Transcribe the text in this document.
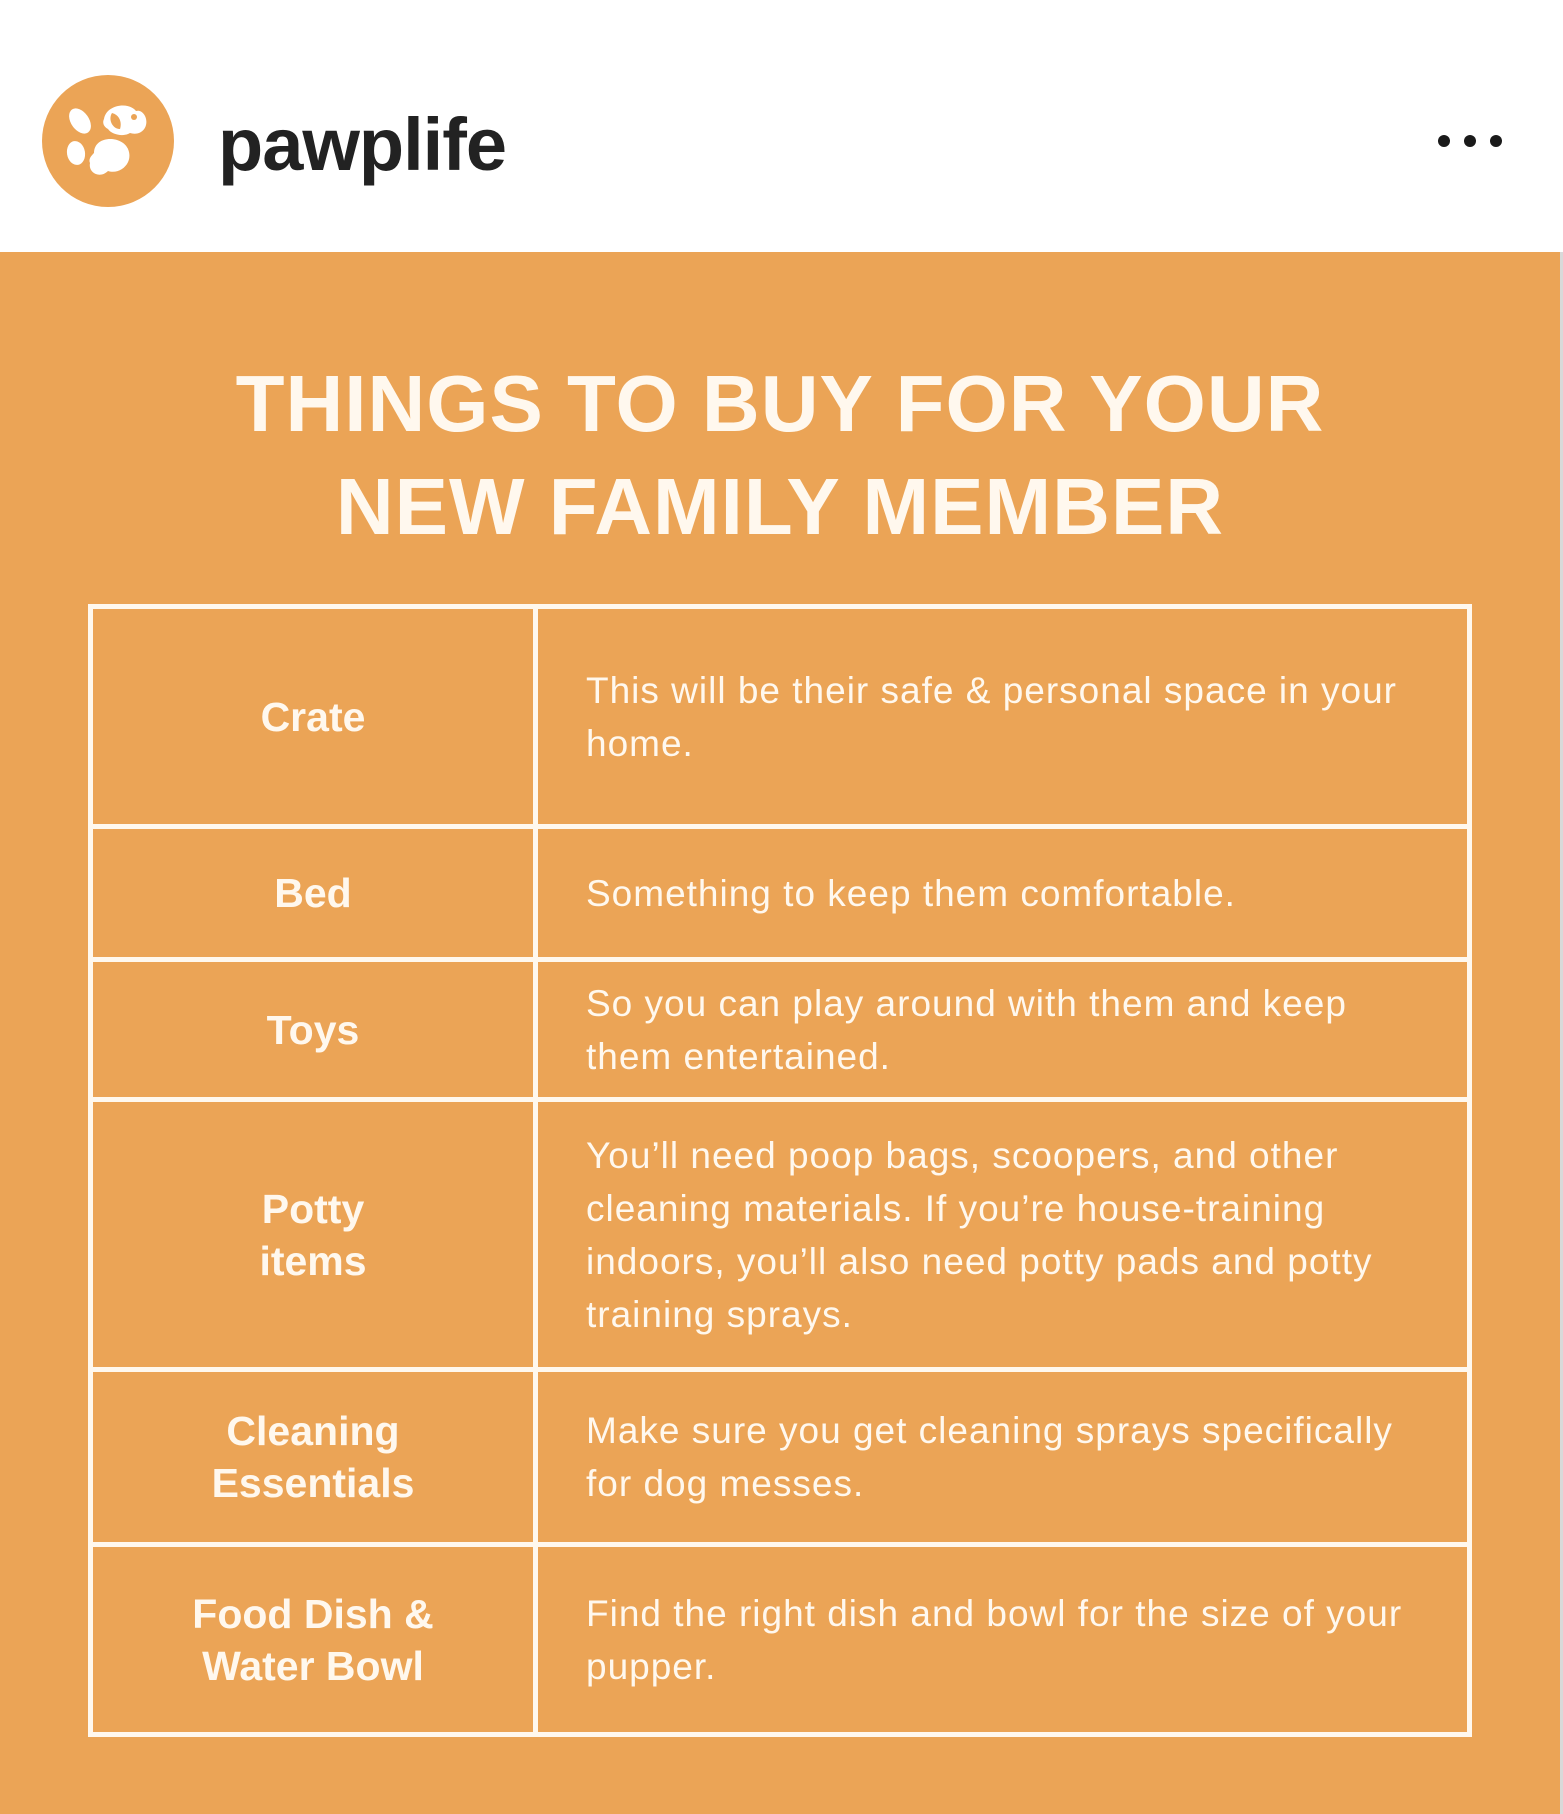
pawplife
THINGS TO BUY FOR YOUR
NEW FAMILY MEMBER
Crate	This will be their safe & personal space in your home.

Bed	Something to keep them comfortable.

Toys	So you can play around with them and keep them entertained.

Potty
items	You’ll need poop bags, scoopers, and other cleaning materials. If you’re house-training indoors, you’ll also need potty pads and potty training sprays.

Cleaning
Essentials	Make sure you get cleaning sprays specifically for dog messes.

Food Dish &
Water Bowl	Find the right dish and bowl for the size of your pupper.
